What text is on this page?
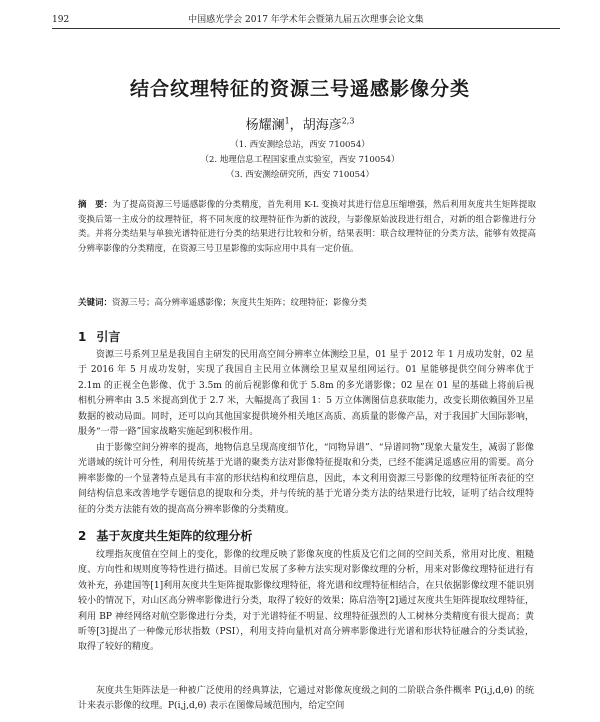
192	中国感光学会 2017 年学术年会暨第九届五次理事会论文集
结合纹理特征的资源三号遥感影像分类
杨耀澜$^1$，胡海彦$^{2,3}$
（1. 西安测绘总站，西安 710054）
（2. 地理信息工程国家重点实验室，西安 710054）
（3. 西安测绘研究所，西安 710054）
摘　要：为了提高资源三号遥感影像的分类精度，首先利用 K-L 变换对其进行信息压缩增强，然后利用灰度共生矩阵提取变换后第一主成分的纹理特征，将不同灰度的纹理特征作为新的波段，与影像原始波段进行组合，对新的组合影像进行分类。并将分类结果与单独光谱特征进行分类的结果进行比较和分析，结果表明：联合纹理特征的分类方法，能够有效提高分辨率影像的分类精度，在资源三号卫星影像的实际应用中具有一定价值。
关键词：资源三号；高分辨率遥感影像；灰度共生矩阵；纹理特征；影像分类
1 引言

资源三号系列卫星是我国自主研发的民用高空间分辨率立体测绘卫星，01 星于 2012 年 1 月成功发射，02 星于 2016 年 5 月成功发射，实现了我国自主民用立体测绘卫星双星组网运行。01 星能够提供空间分辨率优于 2.1m 的正视全色影像、优于 3.5m 的前后视影像和优于 5.8m 的多光谱影像；02 星在 01 星的基础上将前后视相机分辨率由 3.5 米提高到优于 2.7 米，大幅提高了我国 1：5 万立体测图信息获取能力，改变长期依赖国外卫星数据的被动局面。同时，还可以向其他国家提供境外相关地区高质、高质量的影像产品，对于我国扩大国际影响，服务“一带一路”国家战略实施起到积极作用。

由于影像空间分辨率的提高，地物信息呈现高度细节化，“同物异谱”、“异谱同物”现象大量发生，减弱了影像光谱域的统计可分性，利用传统基于光谱的聚类方法对影像特征提取和分类，已经不能满足遥感应用的需要。高分辨率影像的一个显著特点是具有丰富的形状结构和纹理信息，因此，本文利用资源三号影像的纹理特征所表征的空间结构信息来改善地学专题信息的提取和分类，并与传统的基于光谱分类方法的结果进行比较，证明了结合纹理特征的分类方法能有效的提高高分辨率影像的分类精度。

2 基于灰度共生矩阵的纹理分析

纹理指灰度值在空间上的变化，影像的纹理反映了影像灰度的性质及它们之间的空间关系，常用对比度、粗糙度、方向性和规则度等特性进行描述。目前已发展了多种方法实现对影像纹理的分析，用来对影像纹理特征进行有效补充，孙建国等[1]利用灰度共生矩阵提取影像纹理特征，将光谱和纹理特征相结合，在只依据影像纹理不能识别较小的情况下，对山区高分辨率影像进行分类，取得了较好的效果；陈启浩等[2]通过灰度共生矩阵提取纹理特征，利用 BP 神经网络对航空影像进行分类，对于光谱特征不明显、纹理特征强烈的人工树林分类精度有很大提高；黄昕等[3]提出了一种像元形状指数（PSI），利用支持向量机对高分辨率影像进行光谱和形状特征融合的分类试验，取得了较好的精度。

灰度共生矩阵法是一种被广泛使用的经典算法，它通过对影像灰度级之间的二阶联合条件概率 P(i,j,d,θ) 的统计来表示影像的纹理。P(i,j,d,θ) 表示在图像局域范围内，给定空间
